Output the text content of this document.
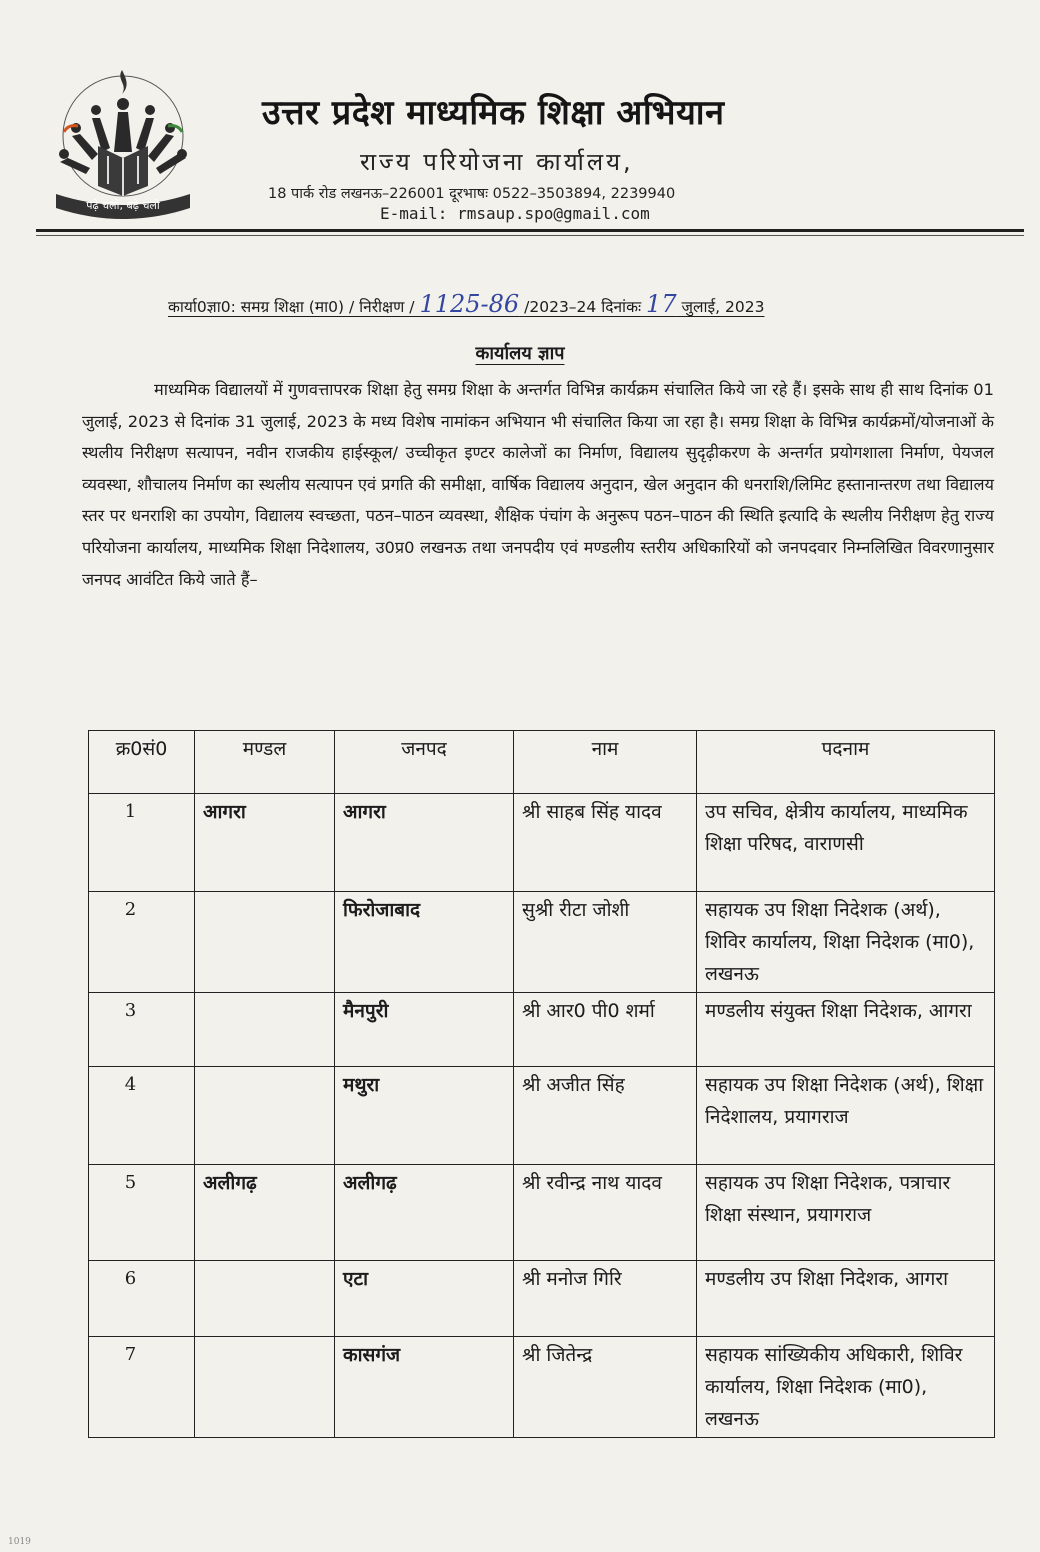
पढ़े चलो, बढ़े चलो
उत्तर प्रदेश माध्यमिक शिक्षा अभियान
राज्य परियोजना कार्यालय,
18 पार्क रोड लखनऊ–226001 दूरभाषः 0522–3503894, 2239940
E-mail: rmsaup.spo@gmail.com
कार्या0ज्ञा0: समग्र शिक्षा (मा0) / निरीक्षण / 1125-86 /2023–24 दिनांकः 17 जुलाई, 2023
कार्यालय ज्ञाप
माध्यमिक विद्यालयों में गुणवत्तापरक शिक्षा हेतु समग्र शिक्षा के अन्तर्गत विभिन्न कार्यक्रम संचालित किये जा रहे हैं। इसके साथ ही साथ दिनांक 01 जुलाई, 2023 से दिनांक 31 जुलाई, 2023 के मध्य विशेष नामांकन अभियान भी संचालित किया जा रहा है। समग्र शिक्षा के विभिन्न कार्यक्रमों/योजनाओं के स्थलीय निरीक्षण सत्यापन, नवीन राजकीय हाईस्कूल/ उच्चीकृत इण्टर कालेजों का निर्माण, विद्यालय सुदृढ़ीकरण के अन्तर्गत प्रयोगशाला निर्माण, पेयजल व्यवस्था, शौचालय निर्माण का स्थलीय सत्यापन एवं प्रगति की समीक्षा, वार्षिक विद्यालय अनुदान, खेल अनुदान की धनराशि/लिमिट हस्तानान्तरण तथा विद्यालय स्तर पर धनराशि का उपयोग, विद्यालय स्वच्छता, पठन–पाठन व्यवस्था, शैक्षिक पंचांग के अनुरूप पठन–पाठन की स्थिति इत्यादि के स्थलीय निरीक्षण हेतु राज्य परियोजना कार्यालय, माध्यमिक शिक्षा निदेशालय, उ0प्र0 लखनऊ तथा जनपदीय एवं मण्डलीय स्तरीय अधिकारियों को जनपदवार निम्नलिखित विवरणानुसार जनपद आवंटित किये जाते हैं–
क्र0सं0	मण्डल	जनपद	नाम	पदनाम
1	आगरा	आगरा	श्री साहब सिंह यादव	उप सचिव, क्षेत्रीय कार्यालय, माध्यमिक शिक्षा परिषद, वाराणसी
2		फिरोजाबाद	सुश्री रीटा जोशी	सहायक उप शिक्षा निदेशक (अर्थ), शिविर कार्यालय, शिक्षा निदेशक (मा0), लखनऊ
3		मैनपुरी	श्री आर0 पी0 शर्मा	मण्डलीय संयुक्त शिक्षा निदेशक, आगरा
4		मथुरा	श्री अजीत सिंह	सहायक उप शिक्षा निदेशक (अर्थ), शिक्षा निदेशालय, प्रयागराज
5	अलीगढ़	अलीगढ़	श्री रवीन्द्र नाथ यादव	सहायक उप शिक्षा निदेशक, पत्राचार शिक्षा संस्थान, प्रयागराज
6		एटा	श्री मनोज गिरि	मण्डलीय उप शिक्षा निदेशक, आगरा
7		कासगंज	श्री जितेन्द्र	सहायक सांख्यिकीय अधिकारी, शिविर कार्यालय, शिक्षा निदेशक (मा0), लखनऊ
1019
